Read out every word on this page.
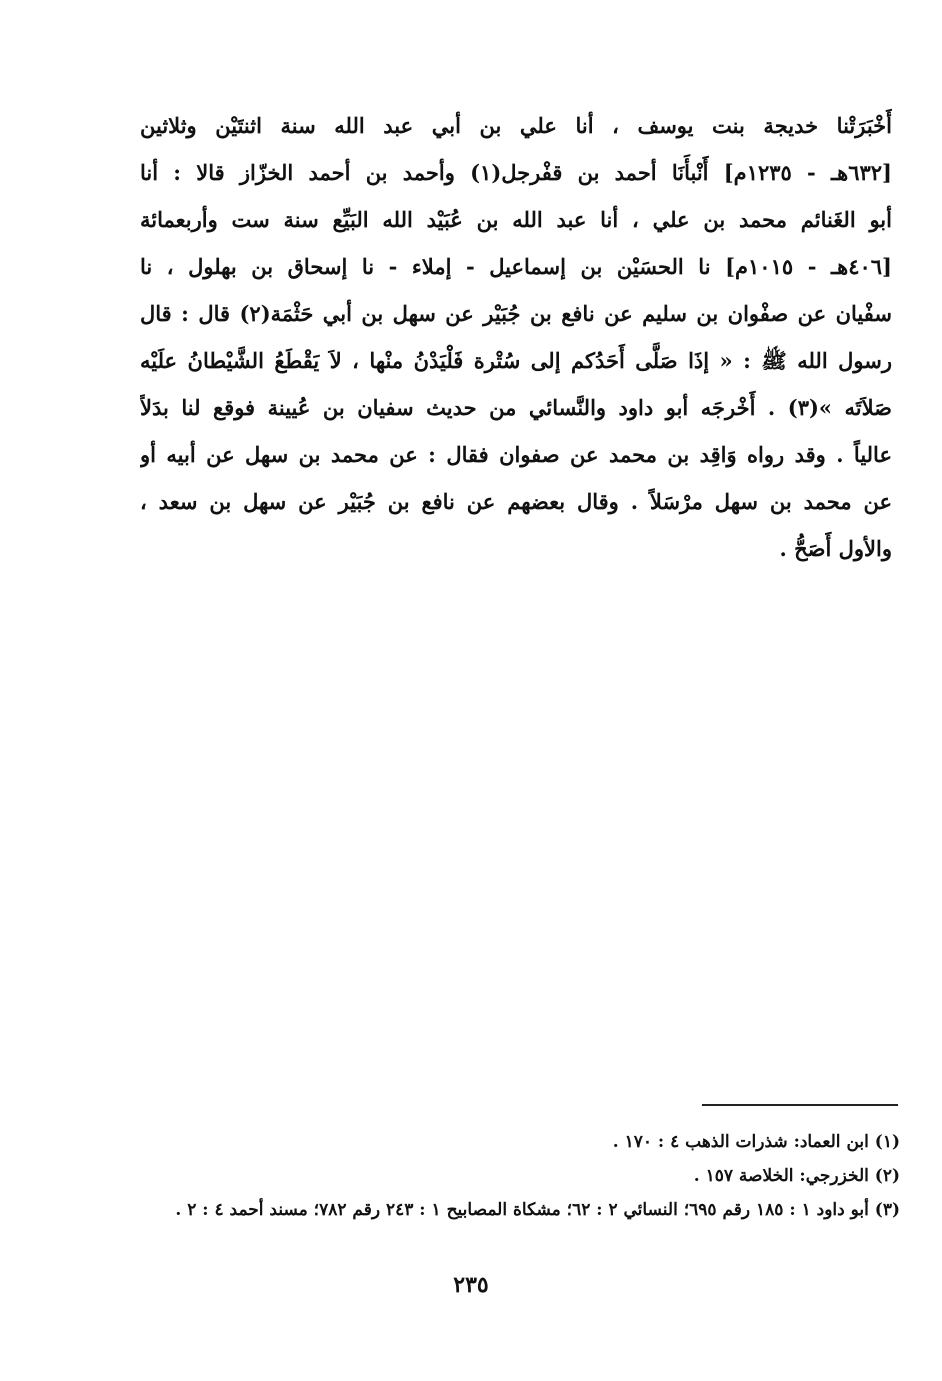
أَخْبَرَتْنا خديجة بنت يوسف ، أنا علي بن أبي عبد الله سنة اثنتَيْن وثلاثين
[٦٣٢هـ - ١٢٣٥م] أَنْبأَنَا أحمد بن قفْرجل(١) وأحمد بن أحمد الخزّاز قالا : أنا
أبو الغَنائم محمد بن علي ، أنا عبد الله بن عُبَيْد الله البَيِّع سنة ست وأربعمائة
[٤٠٦هـ - ١٠١٥م] نا الحسَيْن بن إسماعيل - إملاء - نا إسحاق بن بهلول ، نا
سفْيان عن صفْوان بن سليم عن نافع بن جُبَيْر عن سهل بن أبي حَثْمَة(٢) قال : قال
رسول الله ﷺ : « إذَا صَلَّى أَحَدُكم إلى سُتْرة فَلْيَدْنُ منْها ، لاَ يَقْطَعُ الشَّيْطانُ علَيْه
صَلاَتَه »(٣) . أَخْرجَه أبو داود والنَّسائي من حديث سفيان بن عُيينة فوقع لنا بدَلاً
عالياً . وقد رواه وَاقِد بن محمد عن صفوان فقال : عن محمد بن سهل عن أبيه أو
عن محمد بن سهل مرْسَلاً . وقال بعضهم عن نافع بن جُبَيْر عن سهل بن سعد ،
والأول أَصَحُّ .
(١) ابن العماد: شذرات الذهب ٤ : ١٧٠ .
(٢) الخزرجي: الخلاصة ١٥٧ .
(٣) أبو داود ١ : ١٨٥ رقم ٦٩٥؛ النسائي ٢ : ٦٢؛ مشكاة المصابيح ١ : ٢٤٣ رقم ٧٨٢؛ مسند أحمد ٤ : ٢ .
٢٣٥
